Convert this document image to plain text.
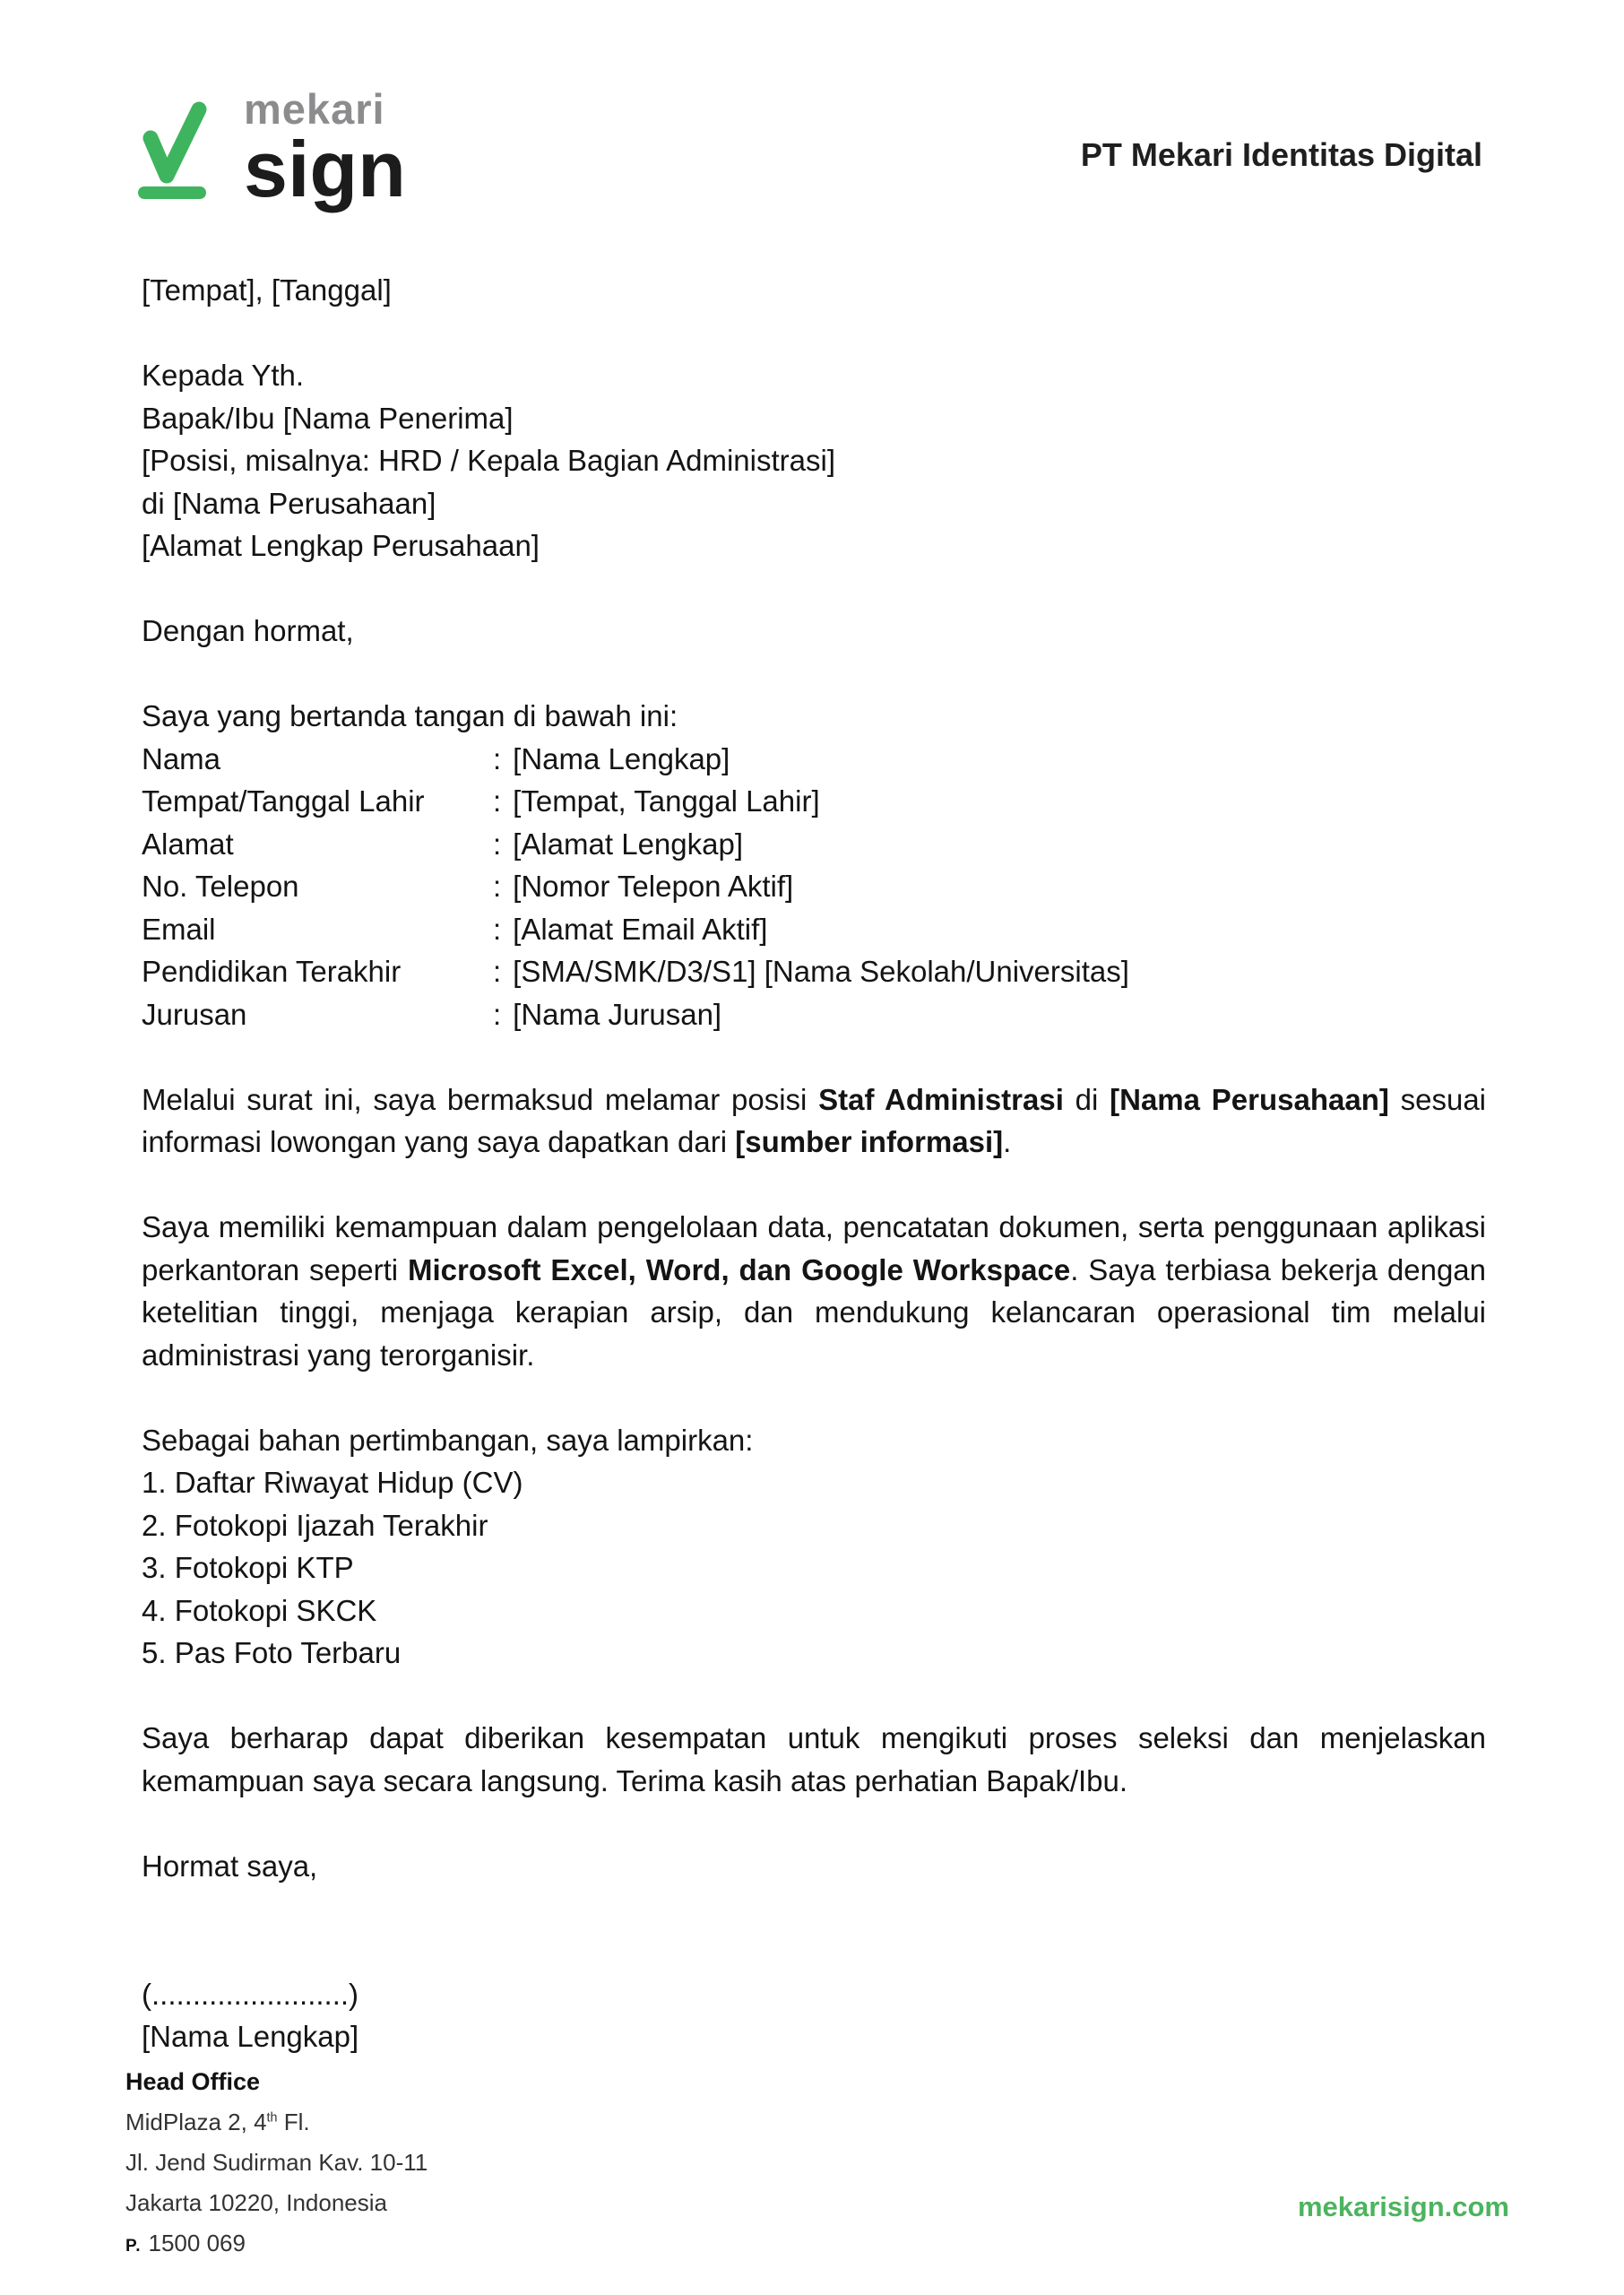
mekari
sign	PT Mekari Identitas Digital

[Tempat], [Tanggal]

Kepada Yth.
Bapak/Ibu [Nama Penerima]
[Posisi, misalnya: HRD / Kepala Bagian Administrasi]
di [Nama Perusahaan]
[Alamat Lengkap Perusahaan]

Dengan hormat,

Saya yang bertanda tangan di bawah ini:
Nama	: [Nama Lengkap]
Tempat/Tanggal Lahir	: [Tempat, Tanggal Lahir]
Alamat	: [Alamat Lengkap]
No. Telepon	: [Nomor Telepon Aktif]
Email	: [Alamat Email Aktif]
Pendidikan Terakhir	: [SMA/SMK/D3/S1] [Nama Sekolah/Universitas]
Jurusan	: [Nama Jurusan]

Melalui surat ini, saya bermaksud melamar posisi Staf Administrasi di [Nama Perusahaan] sesuai informasi lowongan yang saya dapatkan dari [sumber informasi].

Saya memiliki kemampuan dalam pengelolaan data, pencatatan dokumen, serta penggunaan aplikasi perkantoran seperti Microsoft Excel, Word, dan Google Workspace. Saya terbiasa bekerja dengan ketelitian tinggi, menjaga kerapian arsip, dan mendukung kelancaran operasional tim melalui administrasi yang terorganisir.

Sebagai bahan pertimbangan, saya lampirkan:
1. Daftar Riwayat Hidup (CV)
2. Fotokopi Ijazah Terakhir
3. Fotokopi KTP
4. Fotokopi SKCK
5. Pas Foto Terbaru

Saya berharap dapat diberikan kesempatan untuk mengikuti proses seleksi dan menjelaskan kemampuan saya secara langsung. Terima kasih atas perhatian Bapak/Ibu.

Hormat saya,

(........................)
[Nama Lengkap]
Head Office
MidPlaza 2, 4th Fl.
Jl. Jend Sudirman Kav. 10-11
Jakarta 10220, Indonesia
P. 1500 069
mekarisign.com
